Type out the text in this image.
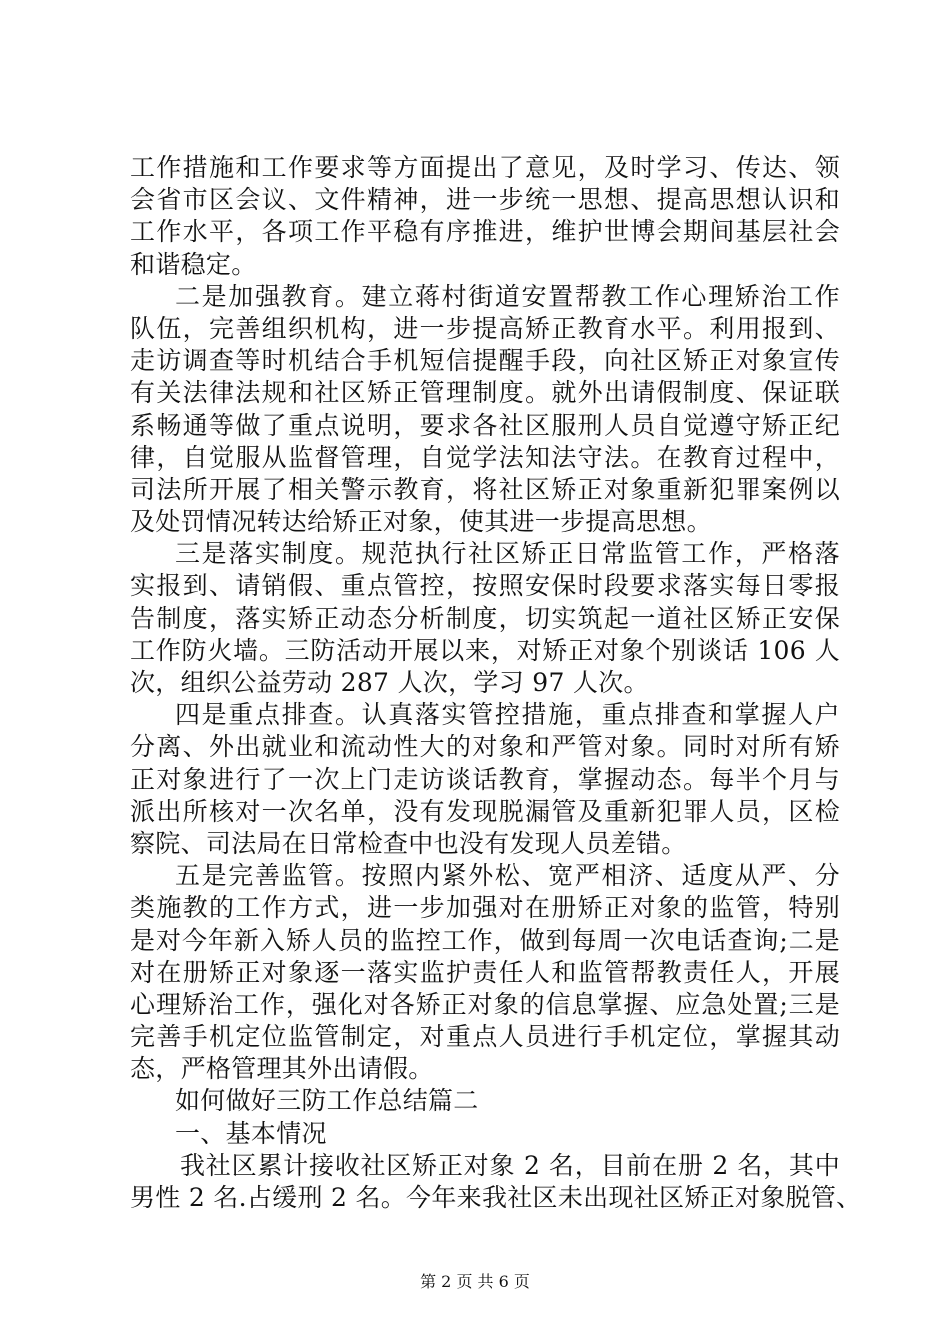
工作措施和工作要求等方面提出了意见，及时学习、传达、领
会省市区会议、文件精神，进一步统一思想、提高思想认识和
工作水平，各项工作平稳有序推进，维护世博会期间基层社会
和谐稳定。
二是加强教育。建立蒋村街道安置帮教工作心理矫治工作
队伍，完善组织机构，进一步提高矫正教育水平。利用报到、
走访调查等时机结合手机短信提醒手段，向社区矫正对象宣传
有关法律法规和社区矫正管理制度。就外出请假制度、保证联
系畅通等做了重点说明，要求各社区服刑人员自觉遵守矫正纪
律，自觉服从监督管理，自觉学法知法守法。在教育过程中，
司法所开展了相关警示教育，将社区矫正对象重新犯罪案例以
及处罚情况转达给矫正对象，使其进一步提高思想。
三是落实制度。规范执行社区矫正日常监管工作，严格落
实报到、请销假、重点管控，按照安保时段要求落实每日零报
告制度，落实矫正动态分析制度，切实筑起一道社区矫正安保
工作防火墙。三防活动开展以来，对矫正对象个别谈话 106 人
次，组织公益劳动 287 人次，学习 97 人次。
四是重点排查。认真落实管控措施，重点排查和掌握人户
分离、外出就业和流动性大的对象和严管对象。同时对所有矫
正对象进行了一次上门走访谈话教育，掌握动态。每半个月与
派出所核对一次名单，没有发现脱漏管及重新犯罪人员，区检
察院、司法局在日常检查中也没有发现人员差错。
五是完善监管。按照内紧外松、宽严相济、适度从严、分
类施教的工作方式，进一步加强对在册矫正对象的监管，特别
是对今年新入矫人员的监控工作，做到每周一次电话查询;二是
对在册矫正对象逐一落实监护责任人和监管帮教责任人，开展
心理矫治工作，强化对各矫正对象的信息掌握、应急处置;三是
完善手机定位监管制定，对重点人员进行手机定位，掌握其动
态，严格管理其外出请假。
如何做好三防工作总结篇二
一、基本情况
我社区累计接收社区矫正对象 2 名，目前在册 2 名，其中
男性 2 名.占缓刑 2 名。今年来我社区未出现社区矫正对象脱管、
第 2 页 共 6 页
